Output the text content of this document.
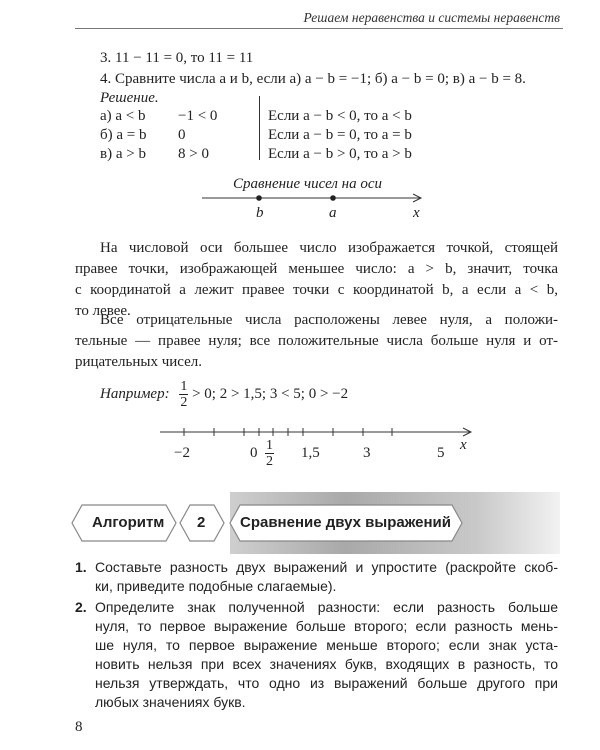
Решаем неравенства и системы неравенств
3. 11 − 11 = 0, то 11 = 11
4. Сравните числа a и b, если а) a − b = −1; б) a − b = 0; в) a − b = 8.
Решение.
а) a < b −1 < 0	Если a − b < 0, то a < b
б) a = b 0	Если a − b = 0, то a = b
в) a > b 8 > 0	Если a − b > 0, то a > b
Сравнение чисел на оси
b	a	x
На числовой оси большее число изображается точкой, стоящей
правее точки, изображающей меньшее число: a > b, значит, точка
с координатой a лежит правее точки с координатой b, а если a < b,
то левее.
Все отрицательные числа расположены левее нуля, а положи-
тельные — правее нуля; все положительные числа больше нуля и от-
рицательных чисел.
Например: $\frac{1}{2} > 0$; 2 > 1,5; 3 < 5; 0 > −2
−2	$0 \frac{1}{2} 1,5$	3	5 x
Алгоритм 2 Сравнение двух выражений
1. Составьте разность двух выражений и упростите (раскройте скоб-
ки, приведите подобные слагаемые).
2. Определите знак полученной разности: если разность больше
нуля, то первое выражение больше второго; если разность мень-
ше нуля, то первое выражение меньше второго; если знак уста-
новить нельзя при всех значениях букв, входящих в разность, то
нельзя утверждать, что одно из выражений больше другого при
любых значениях букв.
8
